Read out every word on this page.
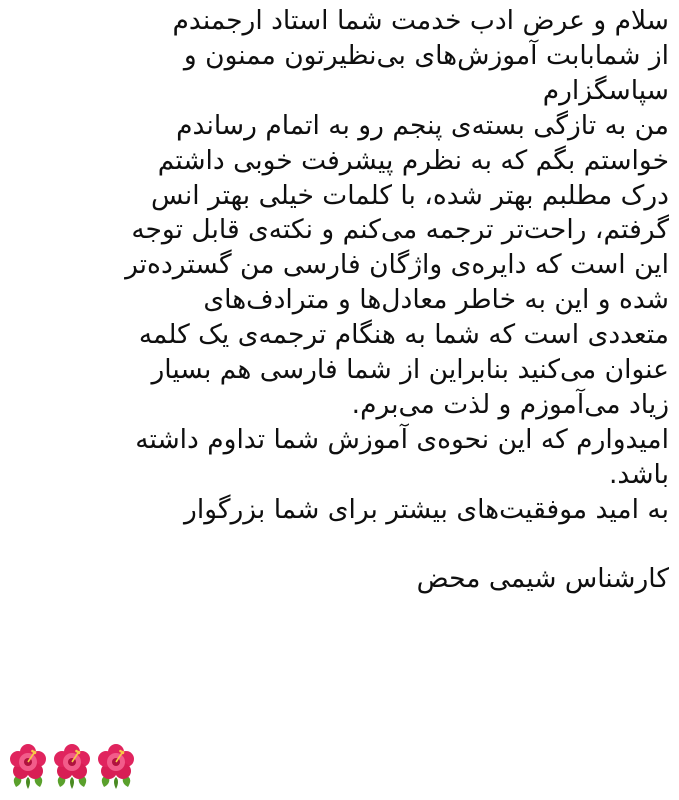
سلام و عرض ادب خدمت شما استاد ارجمندم
از شمابابت آموزش‌های بی‌نظیرتون ممنون و
سپاسگزارم
من به تازگی بسته‌ی پنجم رو به اتمام رساندم
خواستم بگم که به نظرم پیشرفت خوبی داشتم
درک مطلبم بهتر شده، با کلمات خیلی بهتر انس
گرفتم، راحت‌تر ترجمه می‌کنم و نکته‌ی قابل توجه
این است که دایره‌ی واژگان فارسی من گسترده‌تر
شده و این به خاطر معادل‌ها و مترادف‌های
متعددی است که شما به هنگام ترجمه‌ی یک کلمه
عنوان می‌کنید بنابراین از شما فارسی هم بسیار
زیاد می‌آموزم و لذت می‌برم.
امیدوارم که این نحوه‌ی آموزش شما تداوم داشته
باشد.
به امید موفقیت‌های بیشتر برای شما بزرگوار
کارشناس شیمی محض
